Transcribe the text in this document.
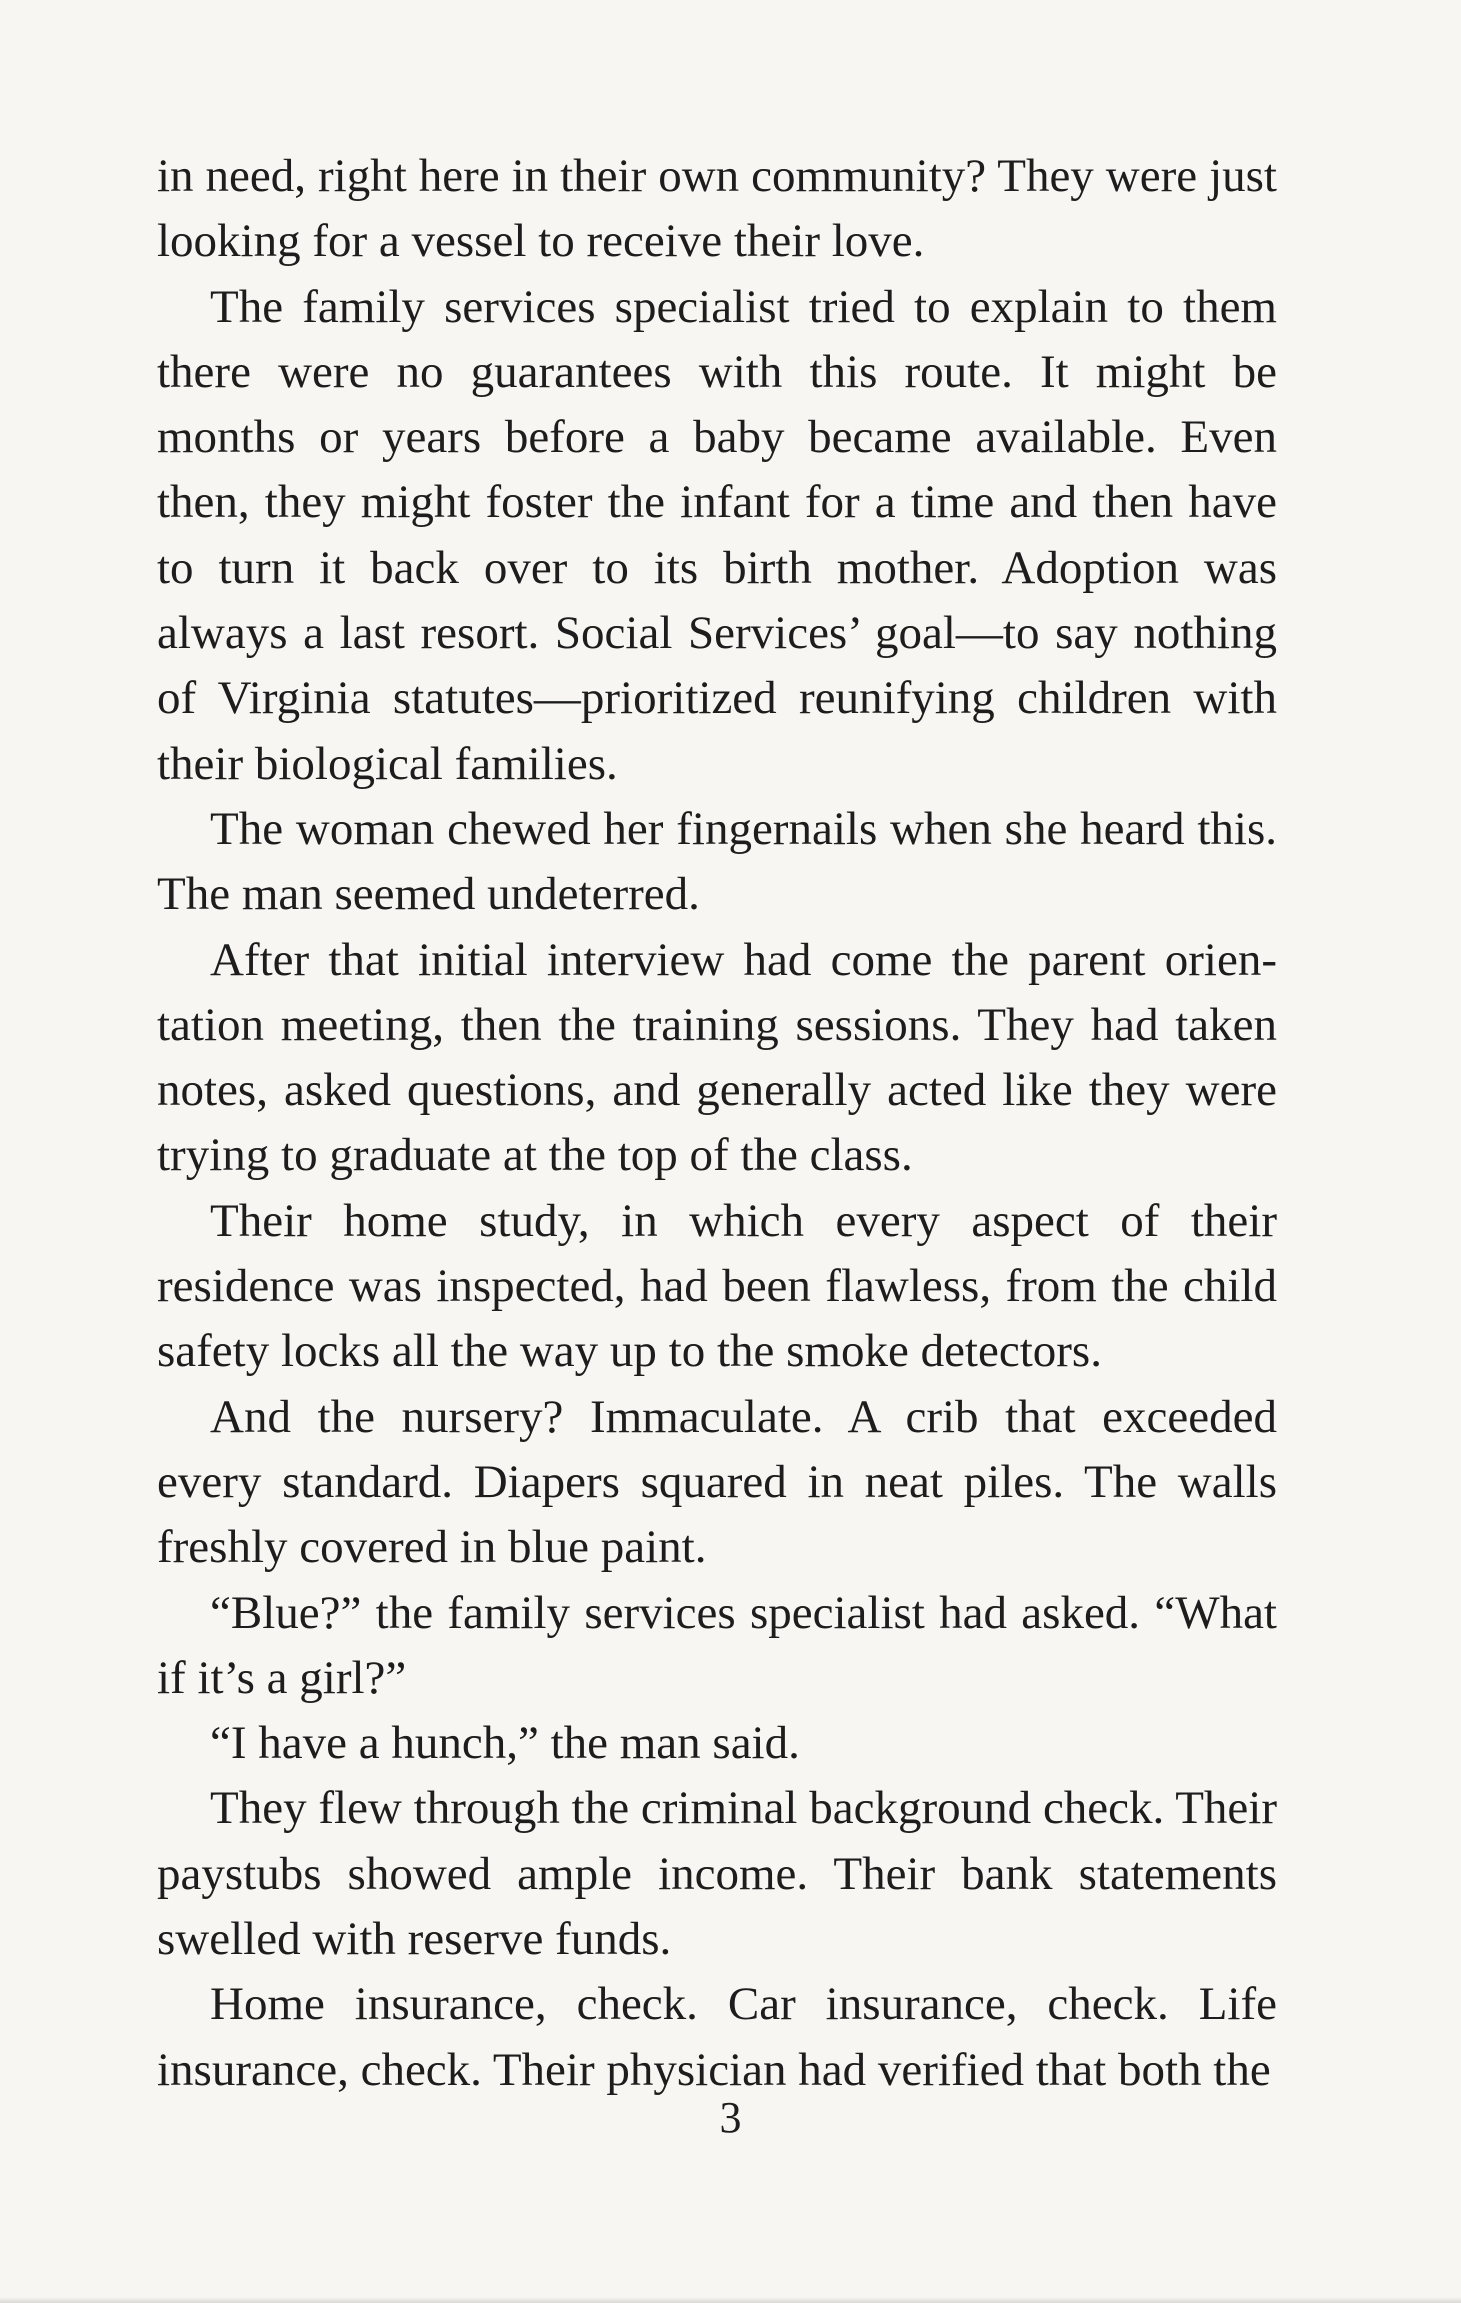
in need, right here in their own community? They were just looking for a vessel to receive their love.

The family services specialist tried to explain to them there were no guarantees with this route. It might be months or years before a baby became available. Even then, they might foster the infant for a time and then have to turn it back over to its birth mother. Adoption was always a last resort. Social Services’ goal—to say nothing of Virginia statutes—prioritized reunifying children with their biological families.

The woman chewed her fingernails when she heard this. The man seemed undeterred.

After that initial interview had come the parent orientation meeting, then the training sessions. They had taken notes, asked questions, and generally acted like they were trying to graduate at the top of the class.

Their home study, in which every aspect of their residence was inspected, had been flawless, from the child safety locks all the way up to the smoke detectors.

And the nursery? Immaculate. A crib that exceeded every standard. Diapers squared in neat piles. The walls freshly covered in blue paint.

“Blue?” the family services specialist had asked. “What if it’s a girl?”

“I have a hunch,” the man said.

They flew through the criminal background check. Their paystubs showed ample income. Their bank statements swelled with reserve funds.

Home insurance, check. Car insurance, check. Life insurance, check. Their physician had verified that both the

3
